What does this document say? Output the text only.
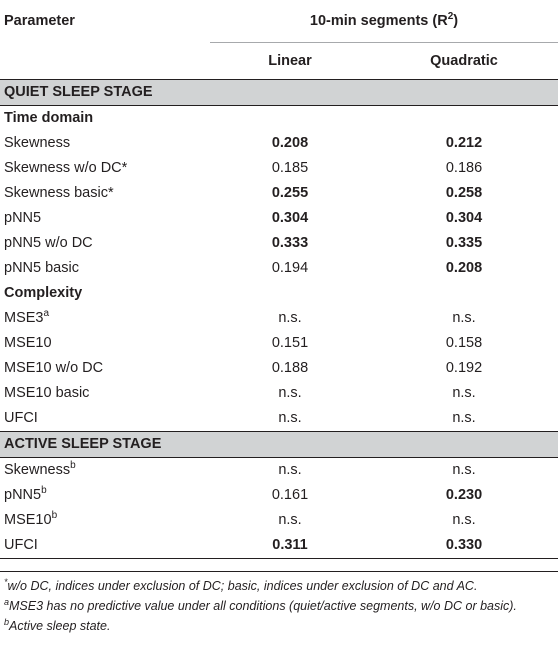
Parameter	10-min segments $(R^2)$	
	Linear	Quadratic
QUIET SLEEP STAGE		
Time domain		
Skewness	0.208	0.212
Skewness w/o DC*	0.185	0.186
Skewness basic*	0.255	0.258
pNN5	0.304	0.304
pNN5 w/o DC	0.333	0.335
pNN5 basic	0.194	0.208
Complexity		
MSE3$^a$	n.s.	n.s.
MSE10	0.151	0.158
MSE10 w/o DC	0.188	0.192
MSE10 basic	n.s.	n.s.
UFCI	n.s.	n.s.
ACTIVE SLEEP STAGE		
Skewness$^b$	n.s.	n.s.
pNN5$^b$	0.161	0.230
MSE10$^b$	n.s.	n.s.
UFCI	0.311	0.330

*w/o DC, indices under exclusion of DC; basic, indices under exclusion of DC and AC.

$^a$MSE3 has no predictive value under all conditions (quiet/active segments, w/o DC or basic).

$^b$Active sleep state.
